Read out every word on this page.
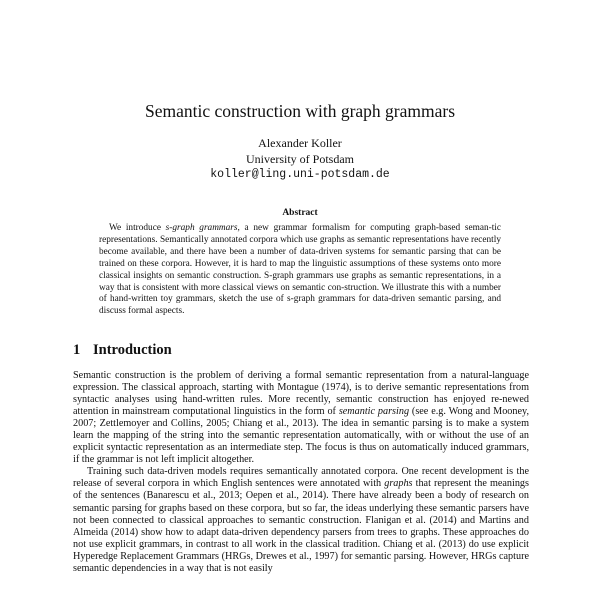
Semantic construction with graph grammars
Alexander Koller
University of Potsdam
koller@ling.uni-potsdam.de
Abstract

We introduce s-graph grammars, a new grammar formalism for computing graph-based seman-tic representations. Semantically annotated corpora which use graphs as semantic representations have recently become available, and there have been a number of data-driven systems for semantic parsing that can be trained on these corpora. However, it is hard to map the linguistic assumptions of these systems onto more classical insights on semantic construction. S-graph grammars use graphs as semantic representations, in a way that is consistent with more classical views on semantic con-struction. We illustrate this with a number of hand-written toy grammars, sketch the use of s-graph grammars for data-driven semantic parsing, and discuss formal aspects.

1 Introduction

Semantic construction is the problem of deriving a formal semantic representation from a natural-language expression. The classical approach, starting with Montague (1974), is to derive semantic representations from syntactic analyses using hand-written rules. More recently, semantic construction has enjoyed re-newed attention in mainstream computational linguistics in the form of semantic parsing (see e.g. Wong and Mooney, 2007; Zettlemoyer and Collins, 2005; Chiang et al., 2013). The idea in semantic parsing is to make a system learn the mapping of the string into the semantic representation automatically, with or without the use of an explicit syntactic representation as an intermediate step. The focus is thus on automatically induced grammars, if the grammar is not left implicit altogether.

Training such data-driven models requires semantically annotated corpora. One recent development is the release of several corpora in which English sentences were annotated with graphs that represent the meanings of the sentences (Banarescu et al., 2013; Oepen et al., 2014). There have already been a body of research on semantic parsing for graphs based on these corpora, but so far, the ideas underlying these semantic parsers have not been connected to classical approaches to semantic construction. Flanigan et al. (2014) and Martins and Almeida (2014) show how to adapt data-driven dependency parsers from trees to graphs. These approaches do not use explicit grammars, in contrast to all work in the classical tradition. Chiang et al. (2013) do use explicit Hyperedge Replacement Grammars (HRGs, Drewes et al., 1997) for semantic parsing. However, HRGs capture semantic dependencies in a way that is not easily
